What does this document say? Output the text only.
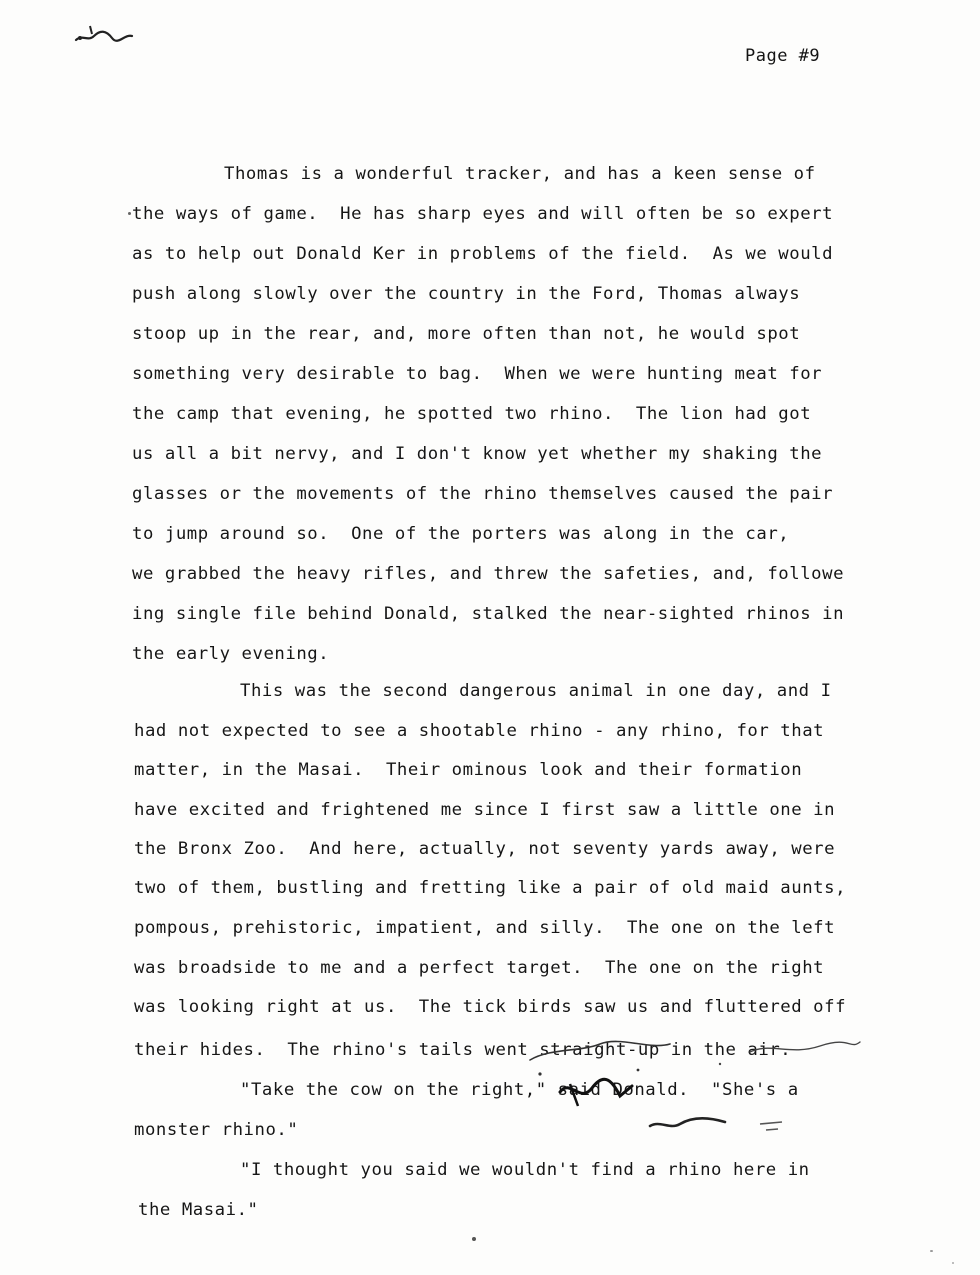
Page #9
Thomas is a wonderful tracker, and has a keen sense of
the ways of game.  He has sharp eyes and will often be so expert
as to help out Donald Ker in problems of the field.  As we would
push along slowly over the country in the Ford, Thomas always
stoop up in the rear, and, more often than not, he would spot
something very desirable to bag.  When we were hunting meat for
the camp that evening, he spotted two rhino.  The lion had got
us all a bit nervy, and I don't know yet whether my shaking the
glasses or the movements of the rhino themselves caused the pair
to jump around so.  One of the porters was along in the car,
we grabbed the heavy rifles, and threw the safeties, and, followe
ing single file behind Donald, stalked the near-sighted rhinos in
the early evening.
This was the second dangerous animal in one day, and I
had not expected to see a shootable rhino - any rhino, for that
matter, in the Masai.  Their ominous look and their formation
have excited and frightened me since I first saw a little one in
the Bronx Zoo.  And here, actually, not seventy yards away, were
two of them, bustling and fretting like a pair of old maid aunts,
pompous, prehistoric, impatient, and silly.  The one on the left
was broadside to me and a perfect target.  The one on the right
was looking right at us.  The tick birds saw us and fluttered off
their hides.  The rhino's tails went straight-up in the air.
"Take the cow on the right," said Donald.  "She's a
monster rhino."
"I thought you said we wouldn't find a rhino here in
the Masai."
